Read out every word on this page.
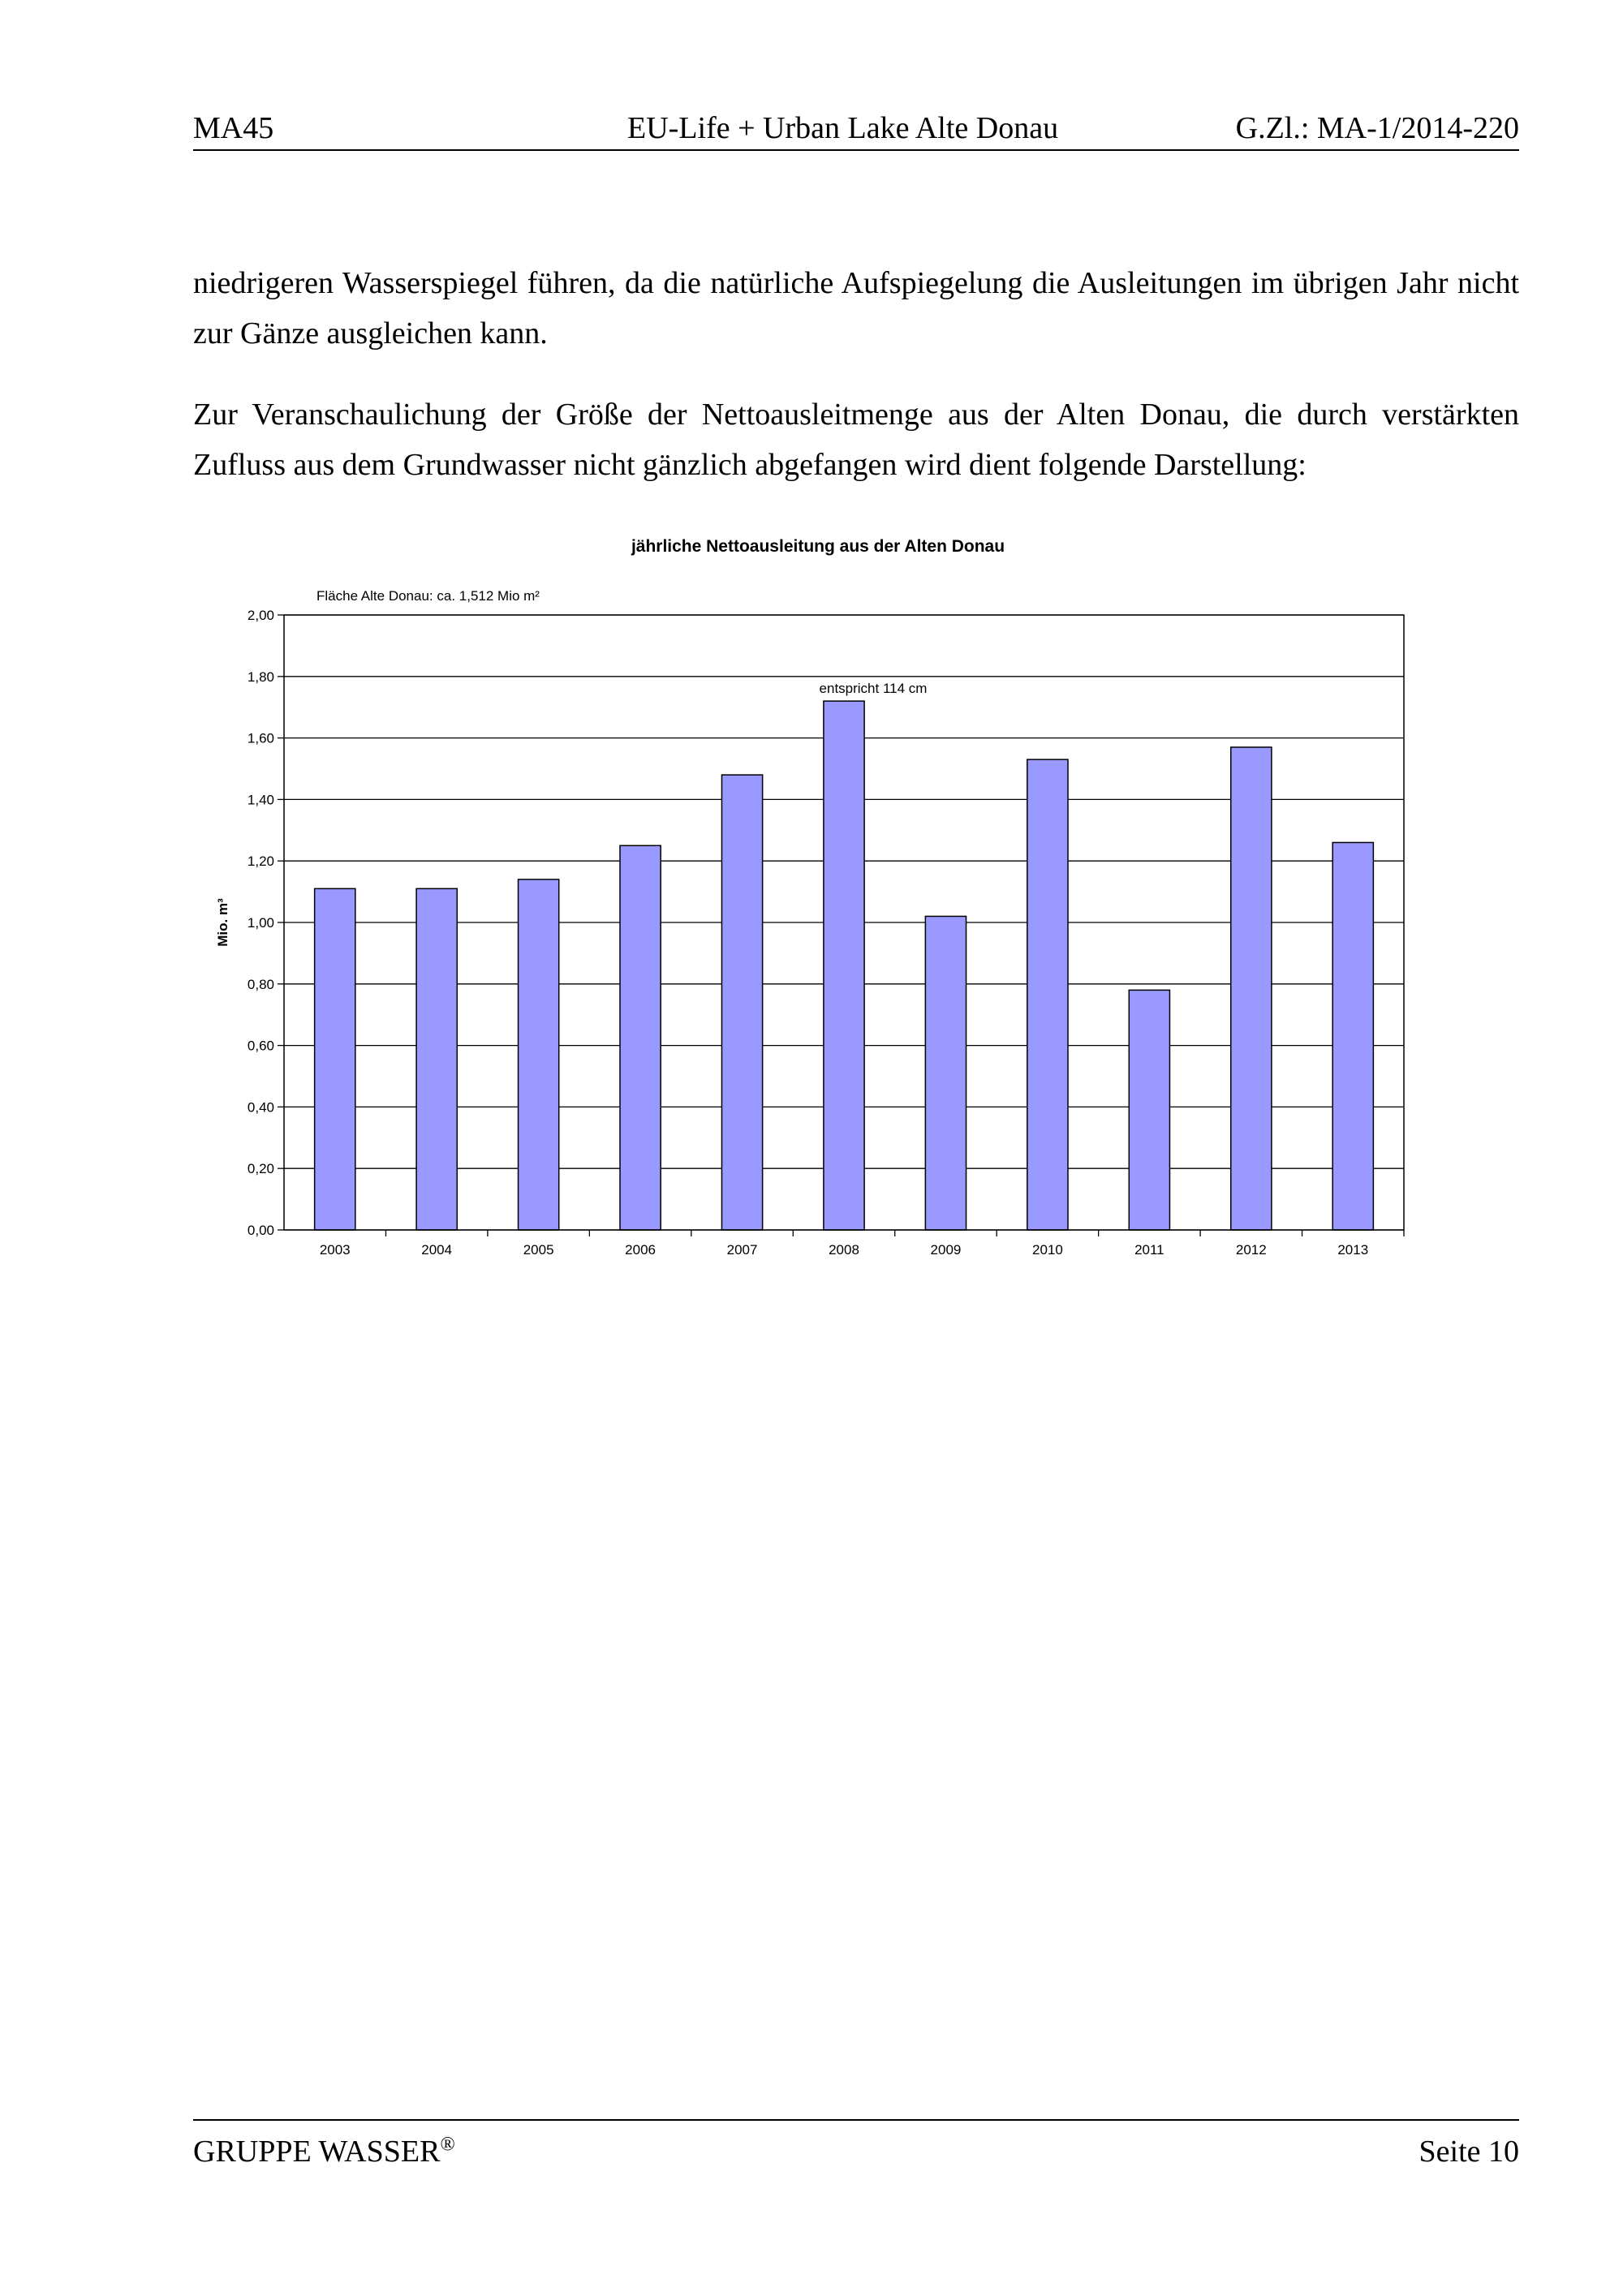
MA45	EU-Life + Urban Lake Alte Donau	G.Zl.: MA-1/2014-220
niedrigeren Wasserspiegel führen, da die natürliche Aufspiegelung die Ausleitungen im übrigen Jahr nicht zur Gänze ausgleichen kann.
Zur Veranschaulichung der Größe der Nettoausleitmenge aus der Alten Donau, die durch verstärkten Zufluss aus dem Grundwasser nicht gänzlich abgefangen wird dient folgende Darstellung:
jährliche Nettoausleitung aus der Alten Donau
Fläche Alte Donau: ca. 1,512 Mio m²
0,00
0,20
0,40
0,60
0,80
1,00
1,20
1,40
1,60
1,80
2,00
2003	2004	2005	2006	2007	2008	2009	2010	2011	2012	2013
entspricht 114 cm
Mio. m³
GRUPPE WASSER®	Seite 10
